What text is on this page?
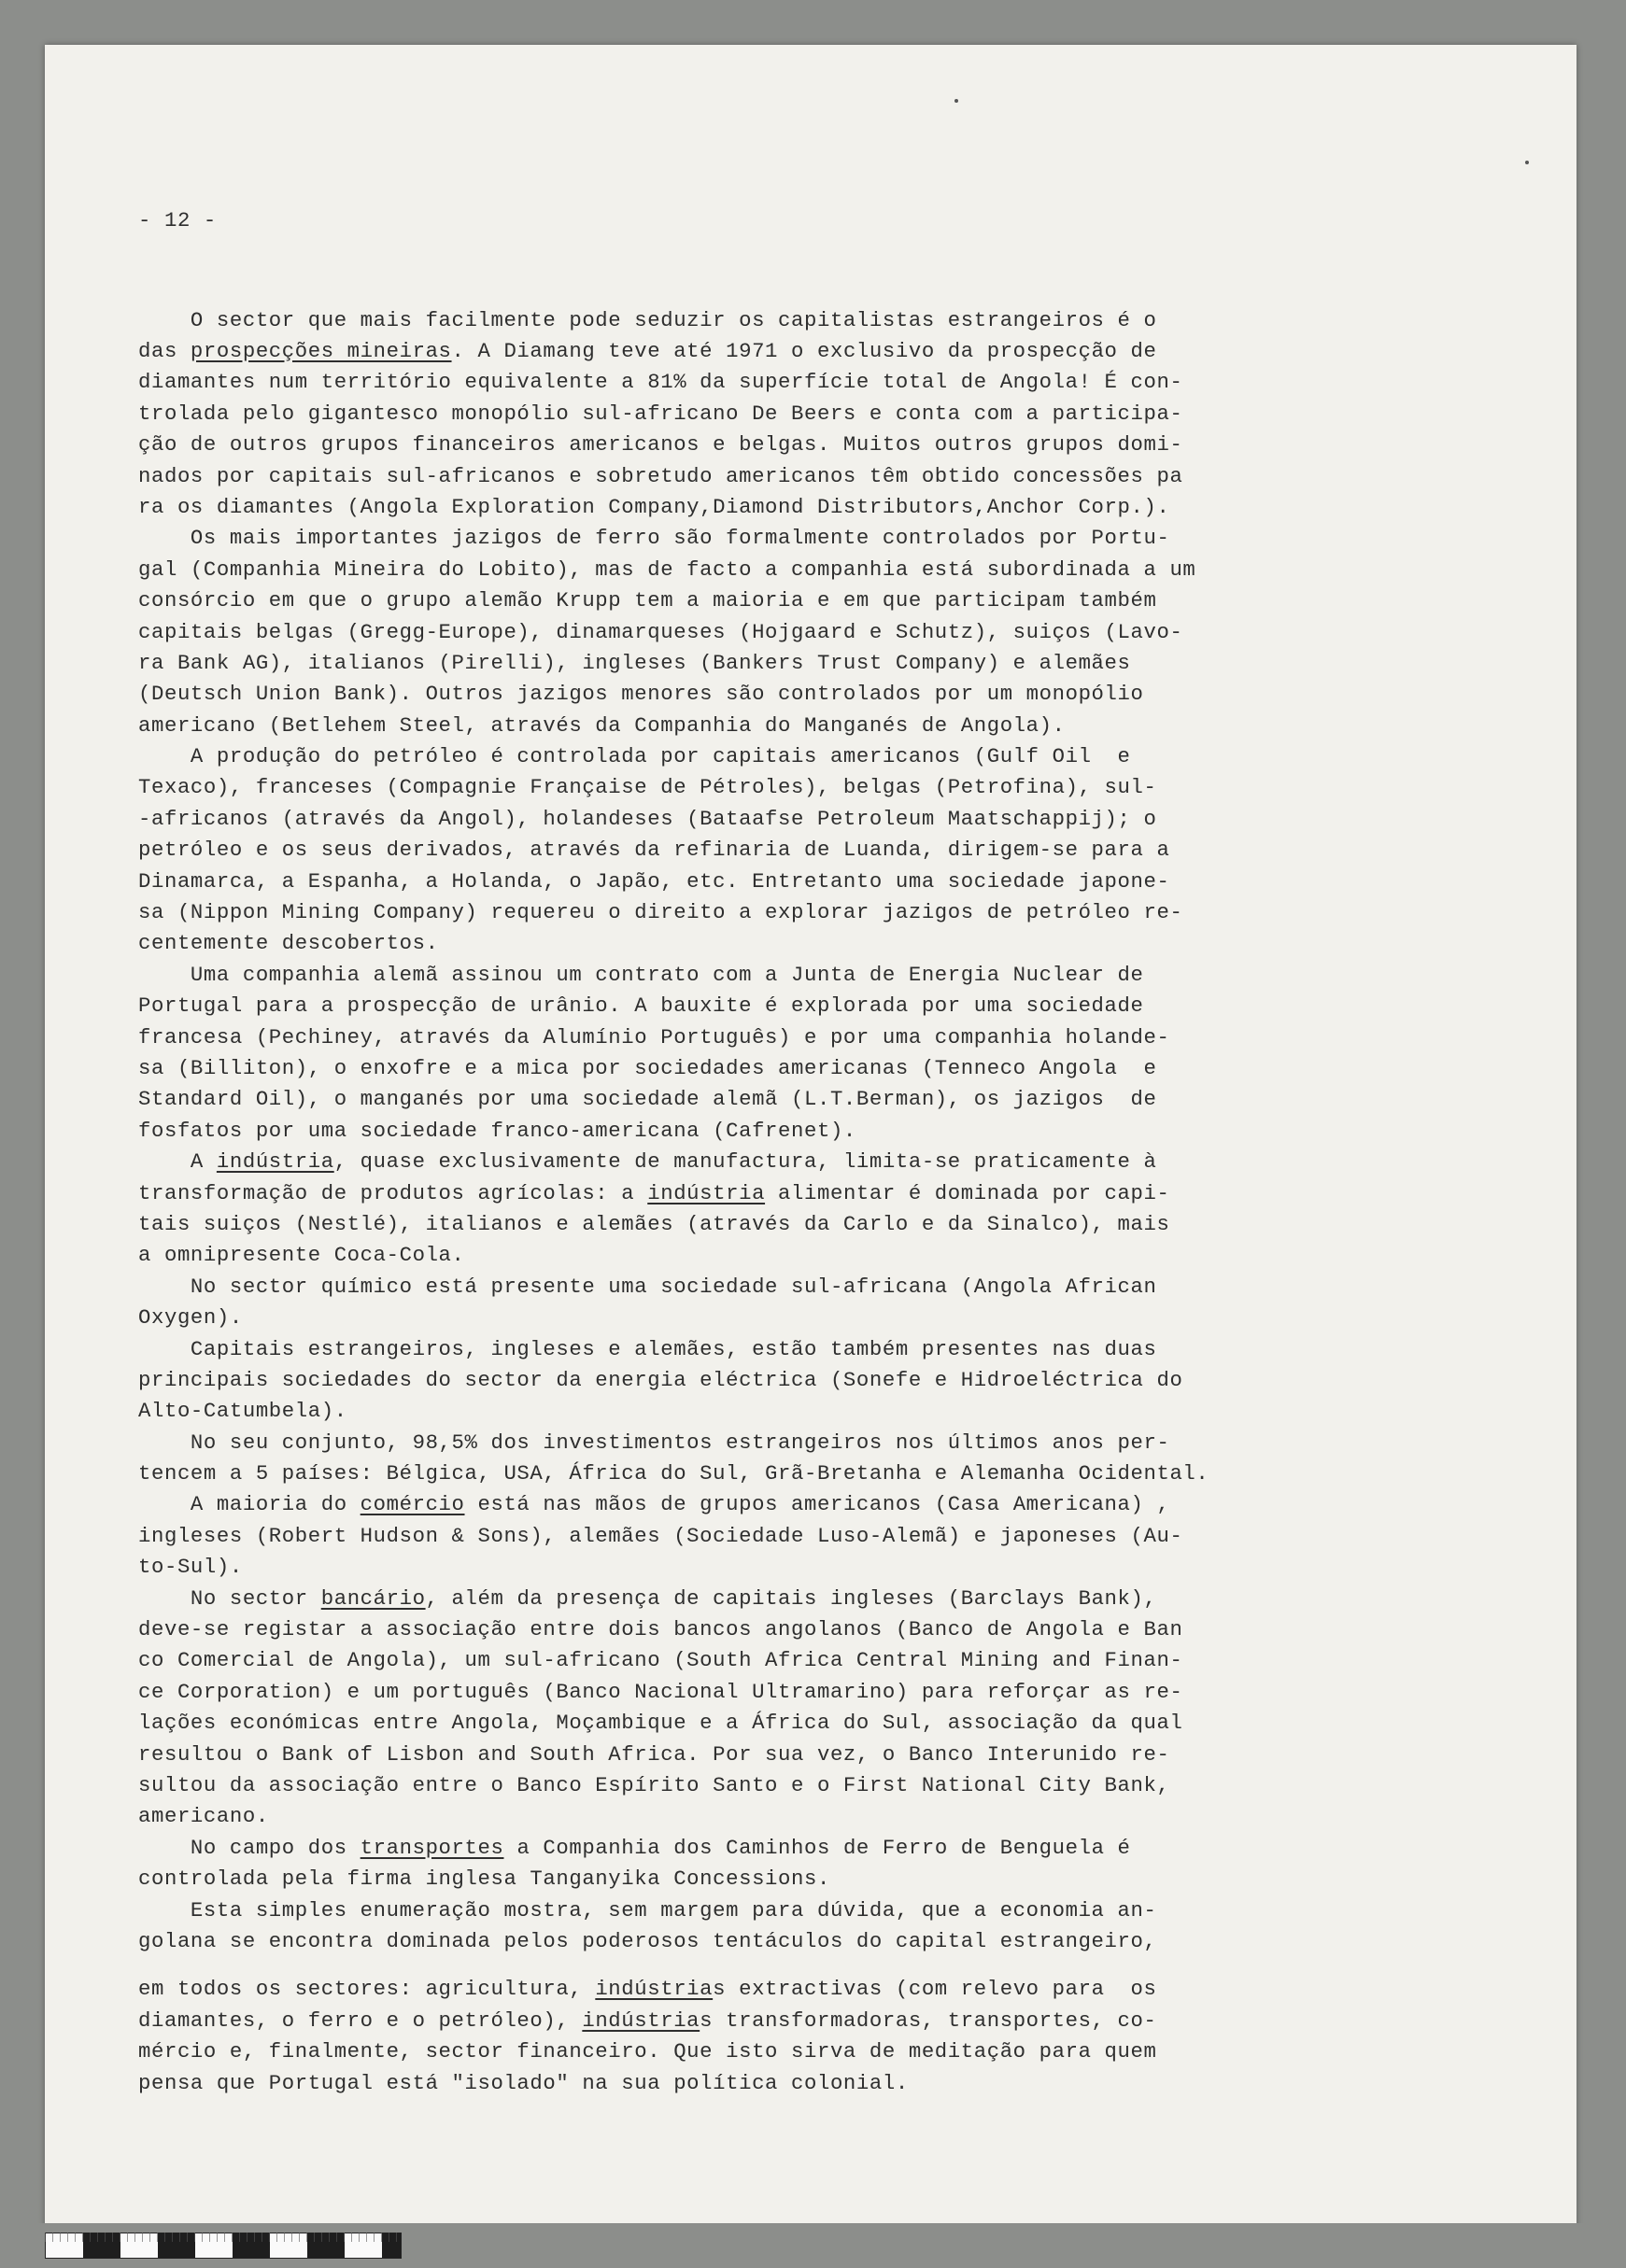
- 12 -

O sector que mais facilmente pode seduzir os capitalistas estrangeiros é o
das prospecções mineiras. A Diamang teve até 1971 o exclusivo da prospecção de
diamantes num território equivalente a 81% da superfície total de Angola! É con-
trolada pelo gigantesco monopólio sul-africano De Beers e conta com a participa-
ção de outros grupos financeiros americanos e belgas. Muitos outros grupos domi-
nados por capitais sul-africanos e sobretudo americanos têm obtido concessões pa
ra os diamantes (Angola Exploration Company,Diamond Distributors,Anchor Corp.).
Os mais importantes jazigos de ferro são formalmente controlados por Portu-
gal (Companhia Mineira do Lobito), mas de facto a companhia está subordinada a um
consórcio em que o grupo alemão Krupp tem a maioria e em que participam também
capitais belgas (Gregg-Europe), dinamarqueses (Hojgaard e Schutz), suiços (Lavo-
ra Bank AG), italianos (Pirelli), ingleses (Bankers Trust Company) e alemães
(Deutsch Union Bank). Outros jazigos menores são controlados por um monopólio
americano (Betlehem Steel, através da Companhia do Manganés de Angola).
A produção do petróleo é controlada por capitais americanos (Gulf Oil  e
Texaco), franceses (Compagnie Française de Pétroles), belgas (Petrofina), sul-
-africanos (através da Angol), holandeses (Bataafse Petroleum Maatschappij); o
petróleo e os seus derivados, através da refinaria de Luanda, dirigem-se para a
Dinamarca, a Espanha, a Holanda, o Japão, etc. Entretanto uma sociedade japone-
sa (Nippon Mining Company) requereu o direito a explorar jazigos de petróleo re-
centemente descobertos.
Uma companhia alemã assinou um contrato com a Junta de Energia Nuclear de
Portugal para a prospecção de urânio. A bauxite é explorada por uma sociedade
francesa (Pechiney, através da Alumínio Português) e por uma companhia holande-
sa (Billiton), o enxofre e a mica por sociedades americanas (Tenneco Angola  e
Standard Oil), o manganés por uma sociedade alemã (L.T.Berman), os jazigos  de
fosfatos por uma sociedade franco-americana (Cafrenet).
A indústria, quase exclusivamente de manufactura, limita-se praticamente à
transformação de produtos agrícolas: a indústria alimentar é dominada por capi-
tais suiços (Nestlé), italianos e alemães (através da Carlo e da Sinalco), mais
a omnipresente Coca-Cola.
No sector químico está presente uma sociedade sul-africana (Angola African
Oxygen).
Capitais estrangeiros, ingleses e alemães, estão também presentes nas duas
principais sociedades do sector da energia eléctrica (Sonefe e Hidroeléctrica do
Alto-Catumbela).
No seu conjunto, 98,5% dos investimentos estrangeiros nos últimos anos per-
tencem a 5 países: Bélgica, USA, África do Sul, Grã-Bretanha e Alemanha Ocidental.
A maioria do comércio está nas mãos de grupos americanos (Casa Americana) ,
ingleses (Robert Hudson & Sons), alemães (Sociedade Luso-Alemã) e japoneses (Au-
to-Sul).
No sector bancário, além da presença de capitais ingleses (Barclays Bank),
deve-se registar a associação entre dois bancos angolanos (Banco de Angola e Ban
co Comercial de Angola), um sul-africano (South Africa Central Mining and Finan-
ce Corporation) e um português (Banco Nacional Ultramarino) para reforçar as re-
lações económicas entre Angola, Moçambique e a África do Sul, associação da qual
resultou o Bank of Lisbon and South Africa. Por sua vez, o Banco Interunido re-
sultou da associação entre o Banco Espírito Santo e o First National City Bank,
americano.
No campo dos transportes a Companhia dos Caminhos de Ferro de Benguela é
controlada pela firma inglesa Tanganyika Concessions.
Esta simples enumeração mostra, sem margem para dúvida, que a economia an-
golana se encontra dominada pelos poderosos tentáculos do capital estrangeiro,
em todos os sectores: agricultura, indústrias extractivas (com relevo para  os
diamantes, o ferro e o petróleo), indústrias transformadoras, transportes, co-
mércio e, finalmente, sector financeiro. Que isto sirva de meditação para quem
pensa que Portugal está "isolado" na sua política colonial.
